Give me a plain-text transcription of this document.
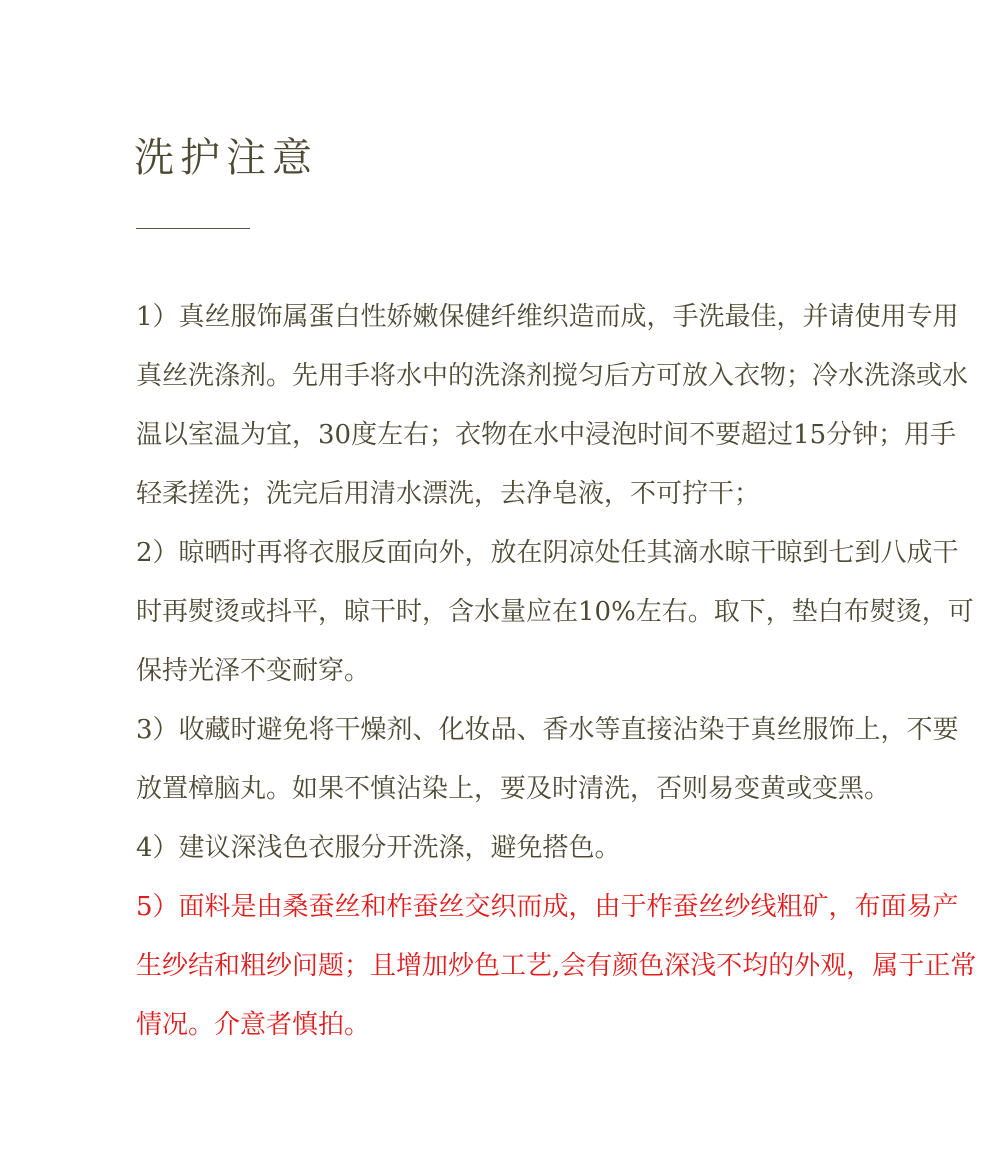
洗护注意

1）真丝服饰属蛋白性娇嫩保健纤维织造而成，手洗最佳，并请使用专用真丝洗涤剂。先用手将水中的洗涤剂搅匀后方可放入衣物；冷水洗涤或水温以室温为宜，30度左右；衣物在水中浸泡时间不要超过15分钟；用手轻柔搓洗；洗完后用清水漂洗，去净皂液，不可拧干；

2）晾晒时再将衣服反面向外，放在阴凉处任其滴水晾干晾到七到八成干时再熨烫或抖平，晾干时，含水量应在10%左右。取下，垫白布熨烫，可保持光泽不变耐穿。

3）收藏时避免将干燥剂、化妆品、香水等直接沾染于真丝服饰上，不要放置樟脑丸。如果不慎沾染上，要及时清洗，否则易变黄或变黑。

4）建议深浅色衣服分开洗涤，避免搭色。

5）面料是由桑蚕丝和柞蚕丝交织而成，由于柞蚕丝纱线粗矿，布面易产生纱结和粗纱问题；且增加炒色工艺,会有颜色深浅不均的外观，属于正常情况。介意者慎拍。
